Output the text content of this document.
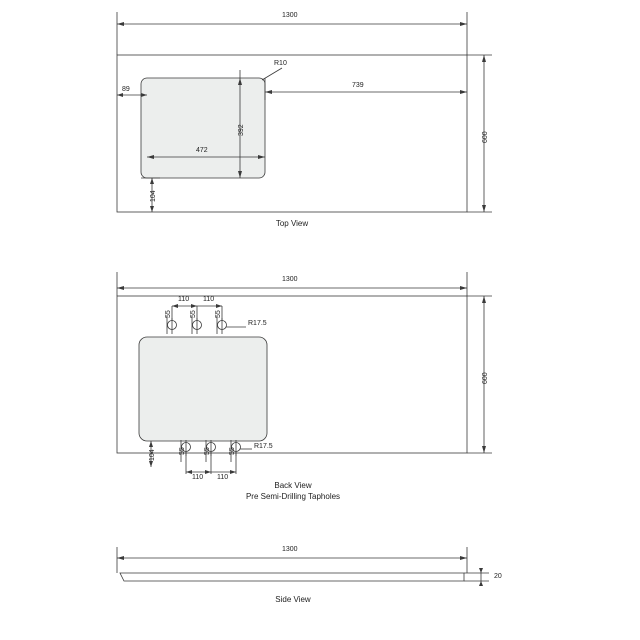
1300
600
89
739
R10
472
392
104
Top View
1300
600
110 110
55	55	55
R17.5
110 110
55	55	55
R17.5
104
Back View
Pre Semi-Drilling Tapholes
1300
20
Side View
